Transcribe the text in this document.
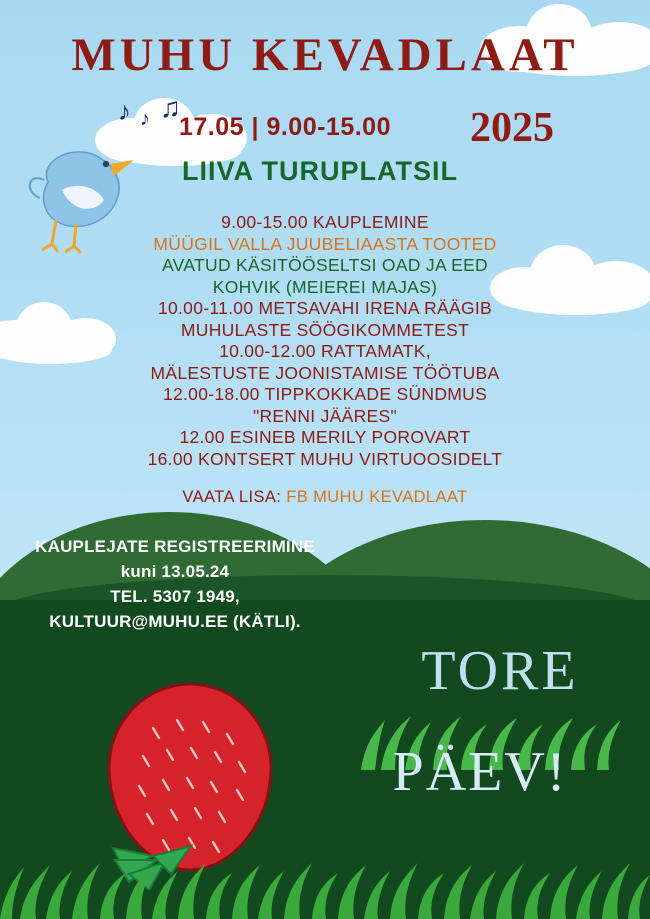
♪ ♪ ♫
MUHU KEVADLAAT
17.05 | 9.00-15.00	2025
LIIVA TURUPLATSIL
9.00-15.00 KAUPLEMINE
MÜÜGIL VALLA JUUBELIAASTA TOOTED
AVATUD KÄSITÖÖSELTSI OAD JA EED
KOHVIK (MEIEREI MAJAS)
10.00-11.00 METSAVAHI IRENA RÄÄGIB
MUHULASTE SÖÖGIKOMMETEST
10.00-12.00 RATTAMATK,
MÄLESTUSTE JOONISTAMISE TÖÖTUBA
12.00-18.00 TIPPKOKKADE SÜNDMUS
"RENNI JÄÄRES"
12.00 ESINEB MERILY POROVART
16.00 KONTSERT MUHU VIRTUOOSIDELT
VAATA LISA: FB MUHU KEVADLAAT
KAUPLEJATE REGISTREERIMINE
kuni 13.05.24
TEL. 5307 1949,
KULTUUR@MUHU.EE (KÄTLI).
TORE
PÄEV!
